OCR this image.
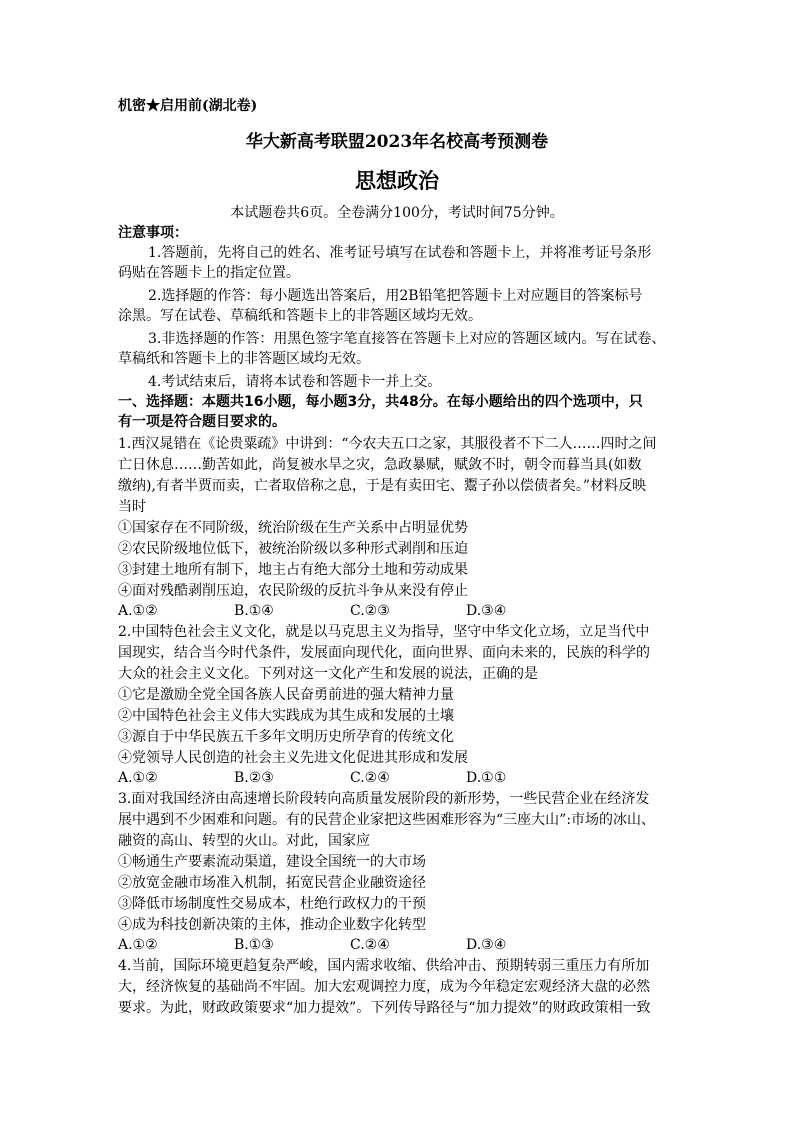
机密★启用前(湖北卷)
华大新高考联盟2023年名校高考预测卷
思想政治
本试题卷共6页。全卷满分100分，考试时间75分钟。
注意事项：
1.答题前，先将自己的姓名、准考证号填写在试卷和答题卡上，并将准考证号条形
码贴在答题卡上的指定位置。
2.选择题的作答：每小题选出答案后，用2B铅笔把答题卡上对应题目的答案标号
涂黑。写在试卷、草稿纸和答题卡上的非答题区域均无效。
3.非选择题的作答：用黑色签字笔直接答在答题卡上对应的答题区域内。写在试卷、
草稿纸和答题卡上的非答题区域均无效。
4.考试结束后，请将本试卷和答题卡一并上交。
一、选择题：本题共16小题，每小题3分，共48分。在每小题给出的四个选项中，只
有一项是符合题目要求的。
1.西汉晁错在《论贵粟疏》中讲到：“今农夫五口之家，其服役者不下二人……四时之间
亡日休息……勤苦如此，尚复被水旱之灾，急政暴赋，赋敛不时，朝令而暮当具(如数
缴纳),有者半贾而卖，亡者取倍称之息，于是有卖田宅、鬻子孙以偿债者矣。”材料反映
当时
①国家存在不同阶级，统治阶级在生产关系中占明显优势
②农民阶级地位低下，被统治阶级以多种形式剥削和压迫
③封建土地所有制下，地主占有绝大部分土地和劳动成果
④面对残酷剥削压迫，农民阶级的反抗斗争从来没有停止
A.①②	B.①④	C.②③	D.③④
2.中国特色社会主义文化，就是以马克思主义为指导，坚守中华文化立场，立足当代中
国现实，结合当今时代条件，发展面向现代化，面向世界、面向未来的，民族的科学的
大众的社会主义文化。下列对这一文化产生和发展的说法，正确的是
①它是激励全党全国各族人民奋勇前进的强大精神力量
②中国特色社会主义伟大实践成为其生成和发展的土壤
③源自于中华民族五千多年文明历史所孕育的传统文化
④党领导人民创造的社会主义先进文化促进其形成和发展
A.①②	B.②③	C.②④	D.①①
3.面对我国经济由高速增长阶段转向高质量发展阶段的新形势，一些民营企业在经济发
展中遇到不少困难和问题。有的民营企业家把这些困难形容为“三座大山”:市场的冰山、
融资的高山、转型的火山。对此，国家应
①畅通生产要素流动渠道，建设全国统一的大市场
②放宽金融市场准入机制，拓宽民营企业融资途径
③降低市场制度性交易成本，杜绝行政权力的干预
④成为科技创新决策的主体，推动企业数字化转型
A.①②	B.①③	C.②④	D.③④
4.当前，国际环境更趋复杂严峻，国内需求收缩、供给冲击、预期转弱三重压力有所加
大，经济恢复的基础尚不牢固。加大宏观调控力度，成为今年稳定宏观经济大盘的必然
要求。为此，财政政策要求“加力提效”。下列传导路径与“加力提效”的财政政策相一致
